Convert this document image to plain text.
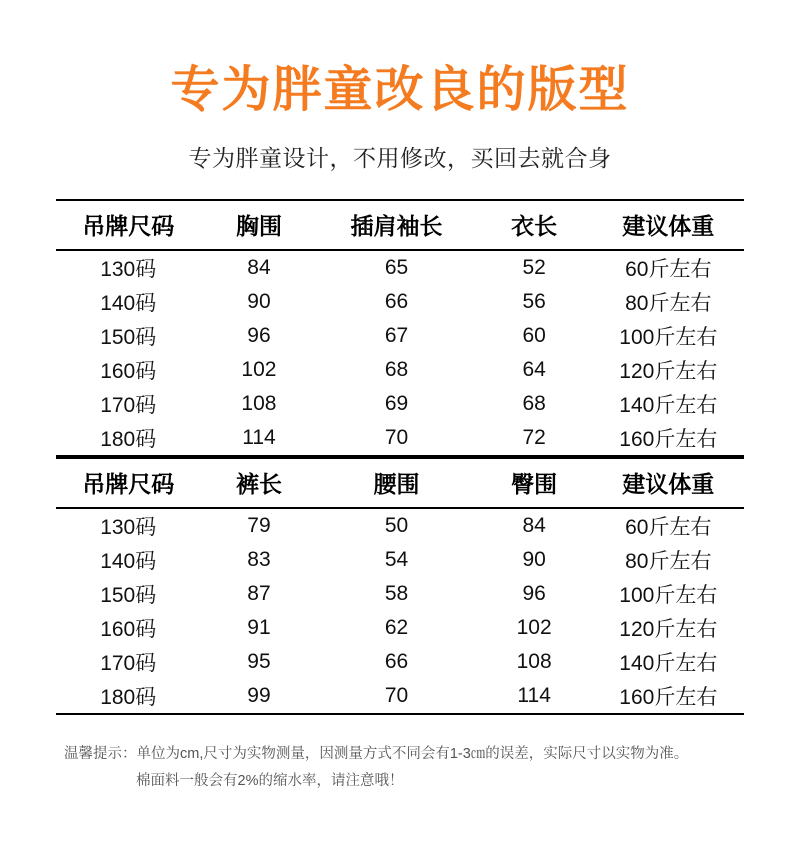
专为胖童改良的版型
专为胖童设计，不用修改，买回去就合身
吊牌尺码	胸围	插肩袖长	衣长	建议体重
130码	84	65	52	60斤左右
140码	90	66	56	80斤左右
150码	96	67	60	100斤左右
160码	102	68	64	120斤左右
170码	108	69	68	140斤左右
180码	114	70	72	160斤左右
吊牌尺码	裤长	腰围	臀围	建议体重
130码	79	50	84	60斤左右
140码	83	54	90	80斤左右
150码	87	58	96	100斤左右
160码	91	62	102	120斤左右
170码	95	66	108	140斤左右
180码	99	70	114	160斤左右
温馨提示：单位为cm,尺寸为实物测量，因测量方式不同会有1-3㎝的误差，实际尺寸以实物为准。
棉面料一般会有2%的缩水率，请注意哦！
